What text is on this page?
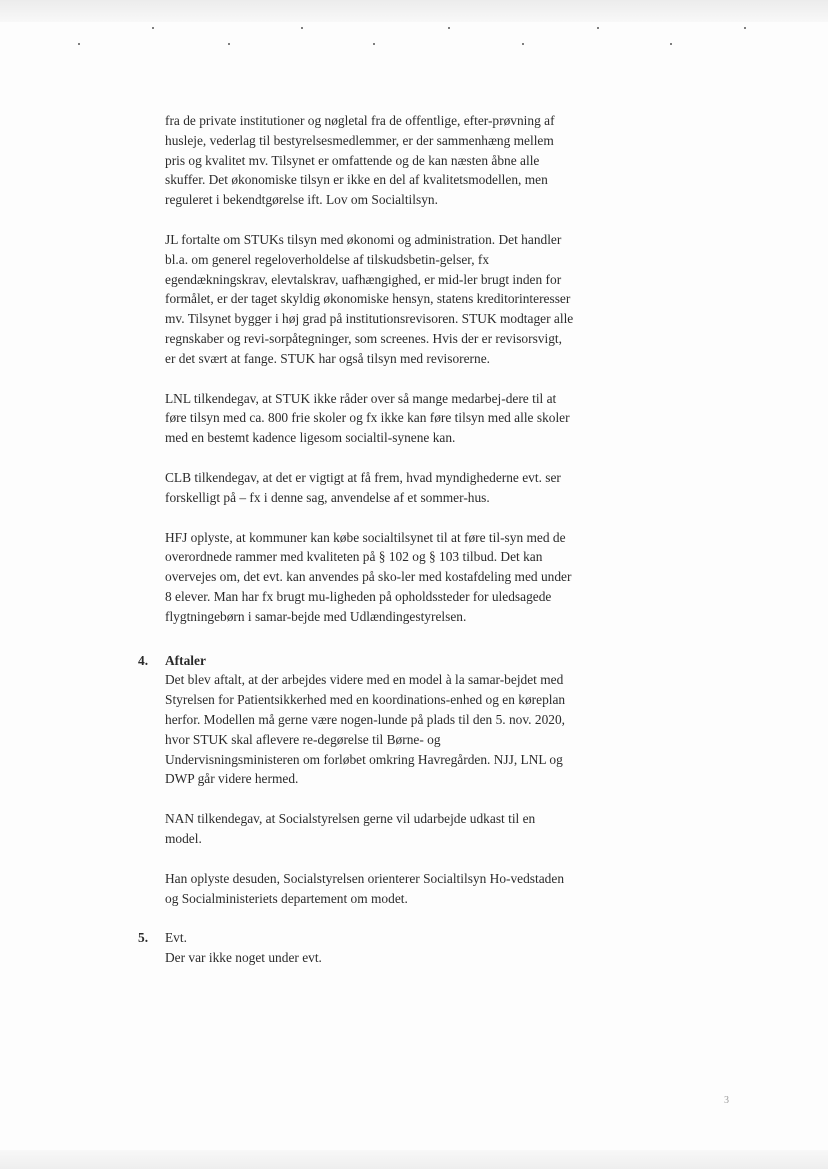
fra de private institutioner og nøgletal fra de offentlige, efter-prøvning af husleje, vederlag til bestyrelsesmedlemmer, er der sammenhæng mellem pris og kvalitet mv. Tilsynet er omfattende og de kan næsten åbne alle skuffer. Det økonomiske tilsyn er ikke en del af kvalitetsmodellen, men reguleret i bekendtgørelse ift. Lov om Socialtilsyn.

JL fortalte om STUKs tilsyn med økonomi og administration. Det handler bl.a. om generel regeloverholdelse af tilskudsbetin-gelser, fx egendækningskrav, elevtalskrav, uafhængighed, er mid-ler brugt inden for formålet, er der taget skyldig økonomiske hensyn, statens kreditorinteresser mv. Tilsynet bygger i høj grad på institutionsrevisoren. STUK modtager alle regnskaber og revi-sorpåtegninger, som screenes. Hvis der er revisorsvigt, er det svært at fange. STUK har også tilsyn med revisorerne.

LNL tilkendegav, at STUK ikke råder over så mange medarbej-dere til at føre tilsyn med ca. 800 frie skoler og fx ikke kan føre tilsyn med alle skoler med en bestemt kadence ligesom socialtil-synene kan.

CLB tilkendegav, at det er vigtigt at få frem, hvad myndighederne evt. ser forskelligt på – fx i denne sag, anvendelse af et sommer-hus.

HFJ oplyste, at kommuner kan købe socialtilsynet til at føre til-syn med de overordnede rammer med kvaliteten på § 102 og § 103 tilbud. Det kan overvejes om, det evt. kan anvendes på sko-ler med kostafdeling med under 8 elever. Man har fx brugt mu-ligheden på opholdssteder for uledsagede flygtningebørn i samar-bejde med Udlændingestyrelsen.

4. Aftaler

Det blev aftalt, at der arbejdes videre med en model à la samar-bejdet med Styrelsen for Patientsikkerhed med en koordinations-enhed og en køreplan herfor. Modellen må gerne være nogen-lunde på plads til den 5. nov. 2020, hvor STUK skal aflevere re-degørelse til Børne- og Undervisningsministeren om forløbet omkring Havregården. NJJ, LNL og DWP går videre hermed.

NAN tilkendegav, at Socialstyrelsen gerne vil udarbejde udkast til en model.

Han oplyste desuden, Socialstyrelsen orienterer Socialtilsyn Ho-vedstaden og Socialministeriets departement om modet.

5. Evt.

Der var ikke noget under evt.

3
